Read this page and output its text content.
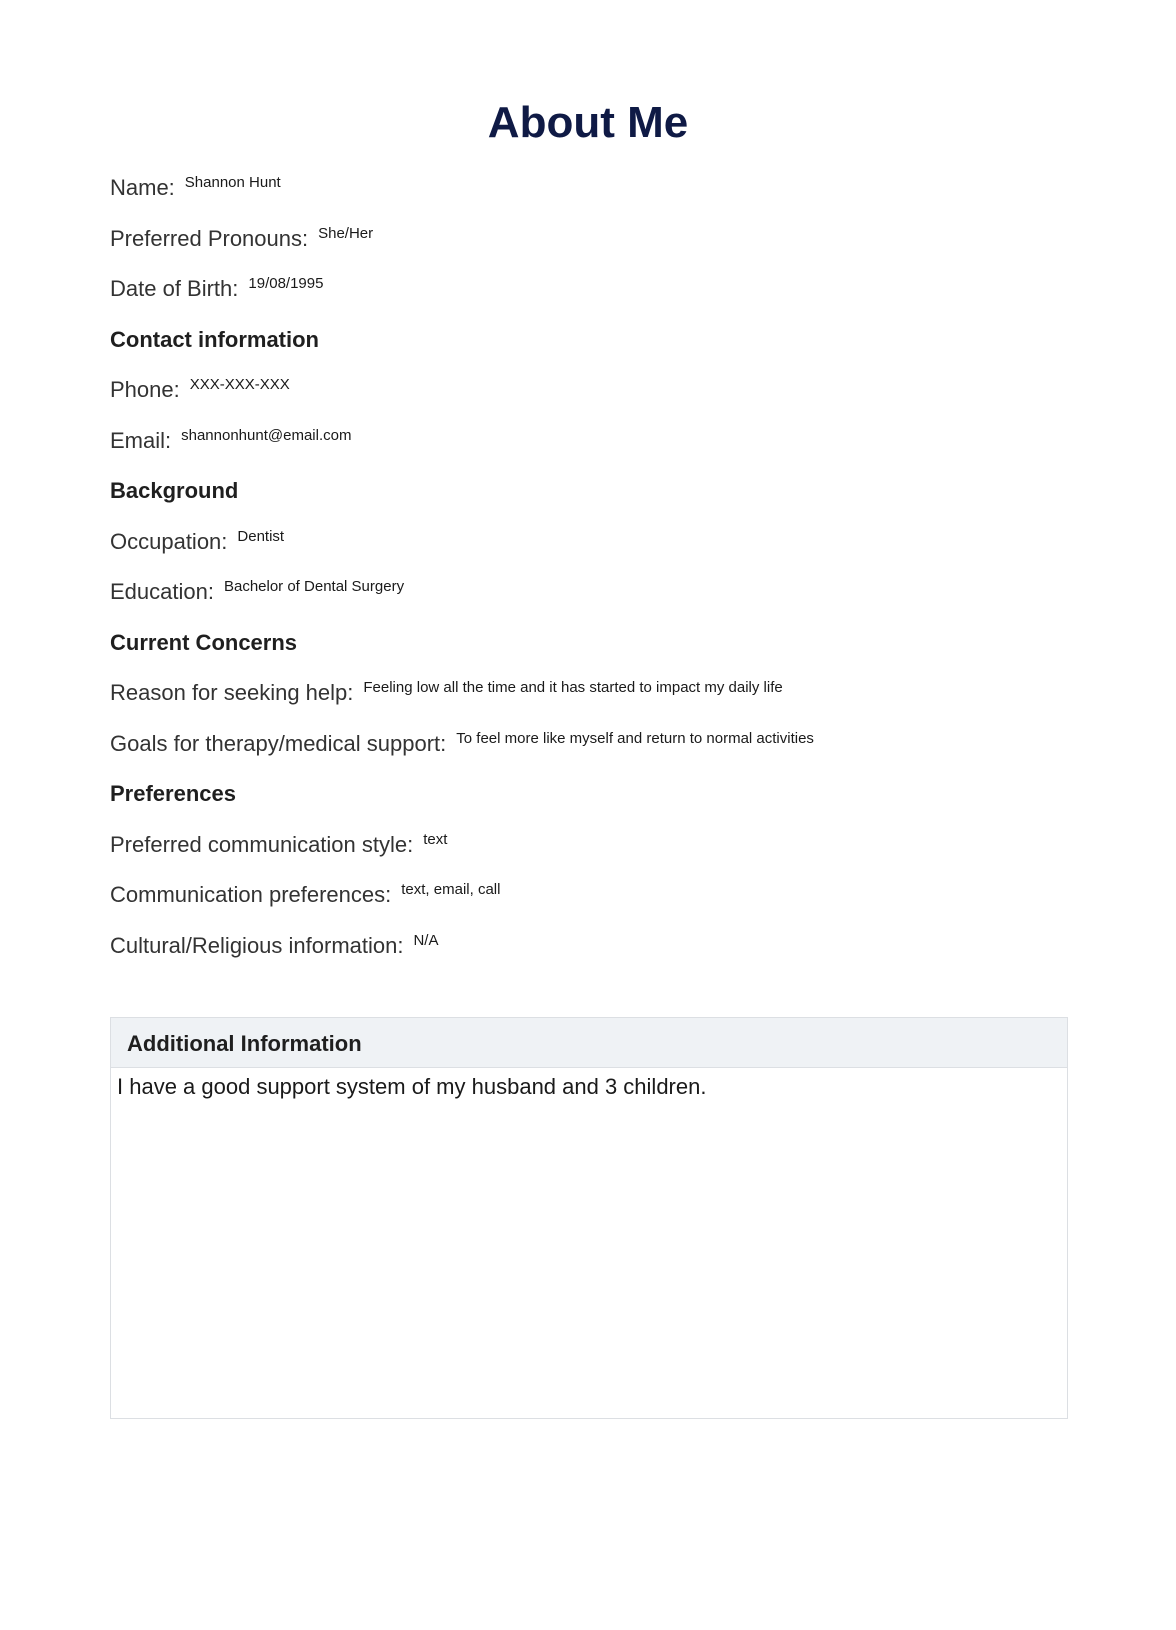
About Me
Name: Shannon Hunt
Preferred Pronouns: She/Her
Date of Birth: 19/08/1995
Contact information
Phone: XXX-XXX-XXX
Email: shannonhunt@email.com
Background
Occupation: Dentist
Education: Bachelor of Dental Surgery
Current Concerns
Reason for seeking help: Feeling low all the time and it has started to impact my daily life
Goals for therapy/medical support: To feel more like myself and return to normal activities
Preferences
Preferred communication style: text
Communication preferences: text, email, call
Cultural/Religious information: N/A
Additional Information
I have a good support system of my husband and 3 children.
